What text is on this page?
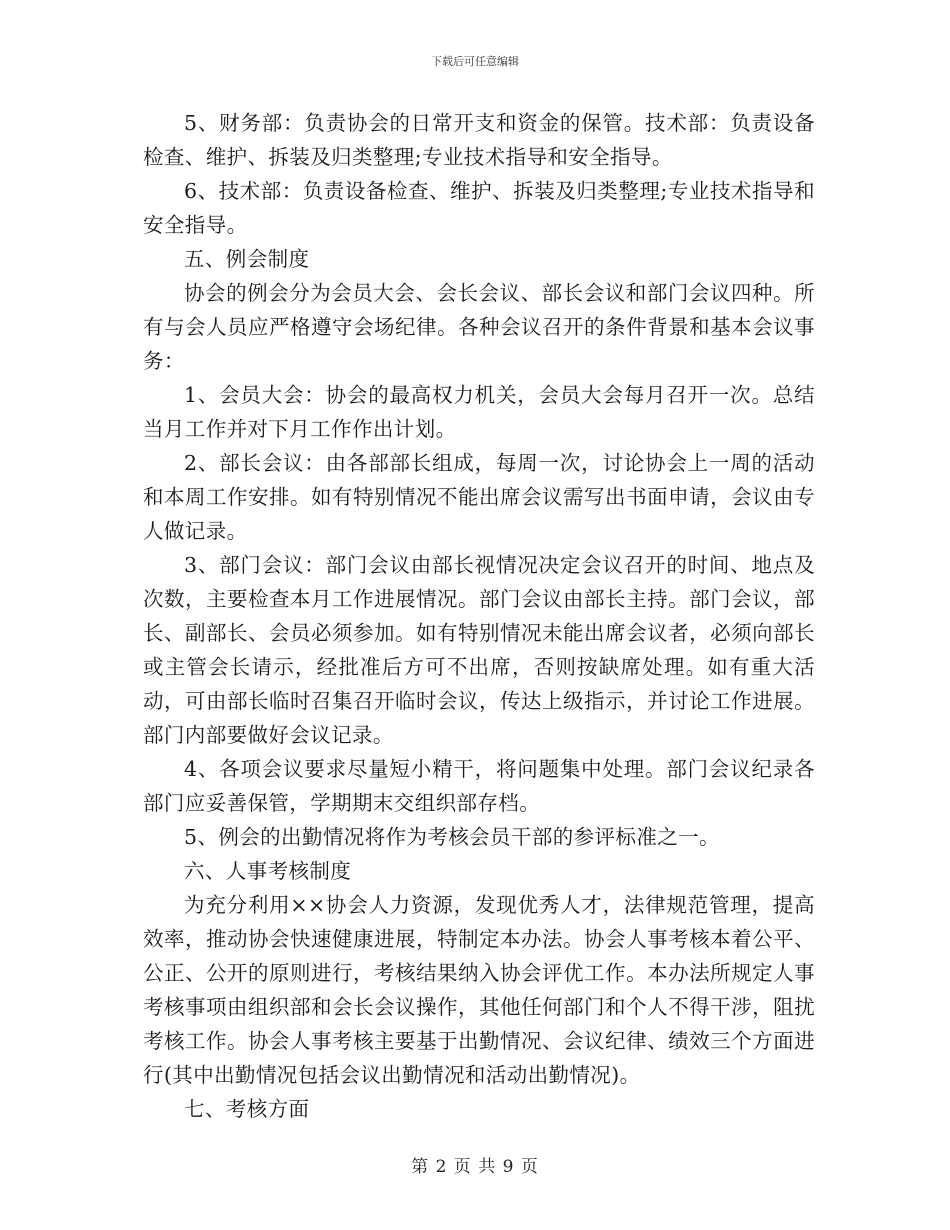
下载后可任意编辑

5、财务部：负责协会的日常开支和资金的保管。技术部：负责设备检查、维护、拆装及归类整理;专业技术指导和安全指导。

6、技术部：负责设备检查、维护、拆装及归类整理;专业技术指导和安全指导。

五、例会制度

协会的例会分为会员大会、会长会议、部长会议和部门会议四种。所有与会人员应严格遵守会场纪律。各种会议召开的条件背景和基本会议事务：

1、会员大会：协会的最高权力机关，会员大会每月召开一次。总结当月工作并对下月工作作出计划。

2、部长会议：由各部部长组成，每周一次，讨论协会上一周的活动和本周工作安排。如有特别情况不能出席会议需写出书面申请，会议由专人做记录。

3、部门会议：部门会议由部长视情况决定会议召开的时间、地点及次数，主要检查本月工作进展情况。部门会议由部长主持。部门会议，部长、副部长、会员必须参加。如有特别情况未能出席会议者，必须向部长或主管会长请示，经批准后方可不出席，否则按缺席处理。如有重大活动，可由部长临时召集召开临时会议，传达上级指示，并讨论工作进展。部门内部要做好会议记录。

4、各项会议要求尽量短小精干，将问题集中处理。部门会议纪录各部门应妥善保管，学期期末交组织部存档。

5、例会的出勤情况将作为考核会员干部的参评标准之一。

六、人事考核制度

为充分利用××协会人力资源，发现优秀人才，法律规范管理，提高效率，推动协会快速健康进展，特制定本办法。协会人事考核本着公平、公正、公开的原则进行，考核结果纳入协会评优工作。本办法所规定人事考核事项由组织部和会长会议操作，其他任何部门和个人不得干涉，阻扰考核工作。协会人事考核主要基于出勤情况、会议纪律、绩效三个方面进行(其中出勤情况包括会议出勤情况和活动出勤情况)。

七、考核方面

第 2 页 共 9 页
